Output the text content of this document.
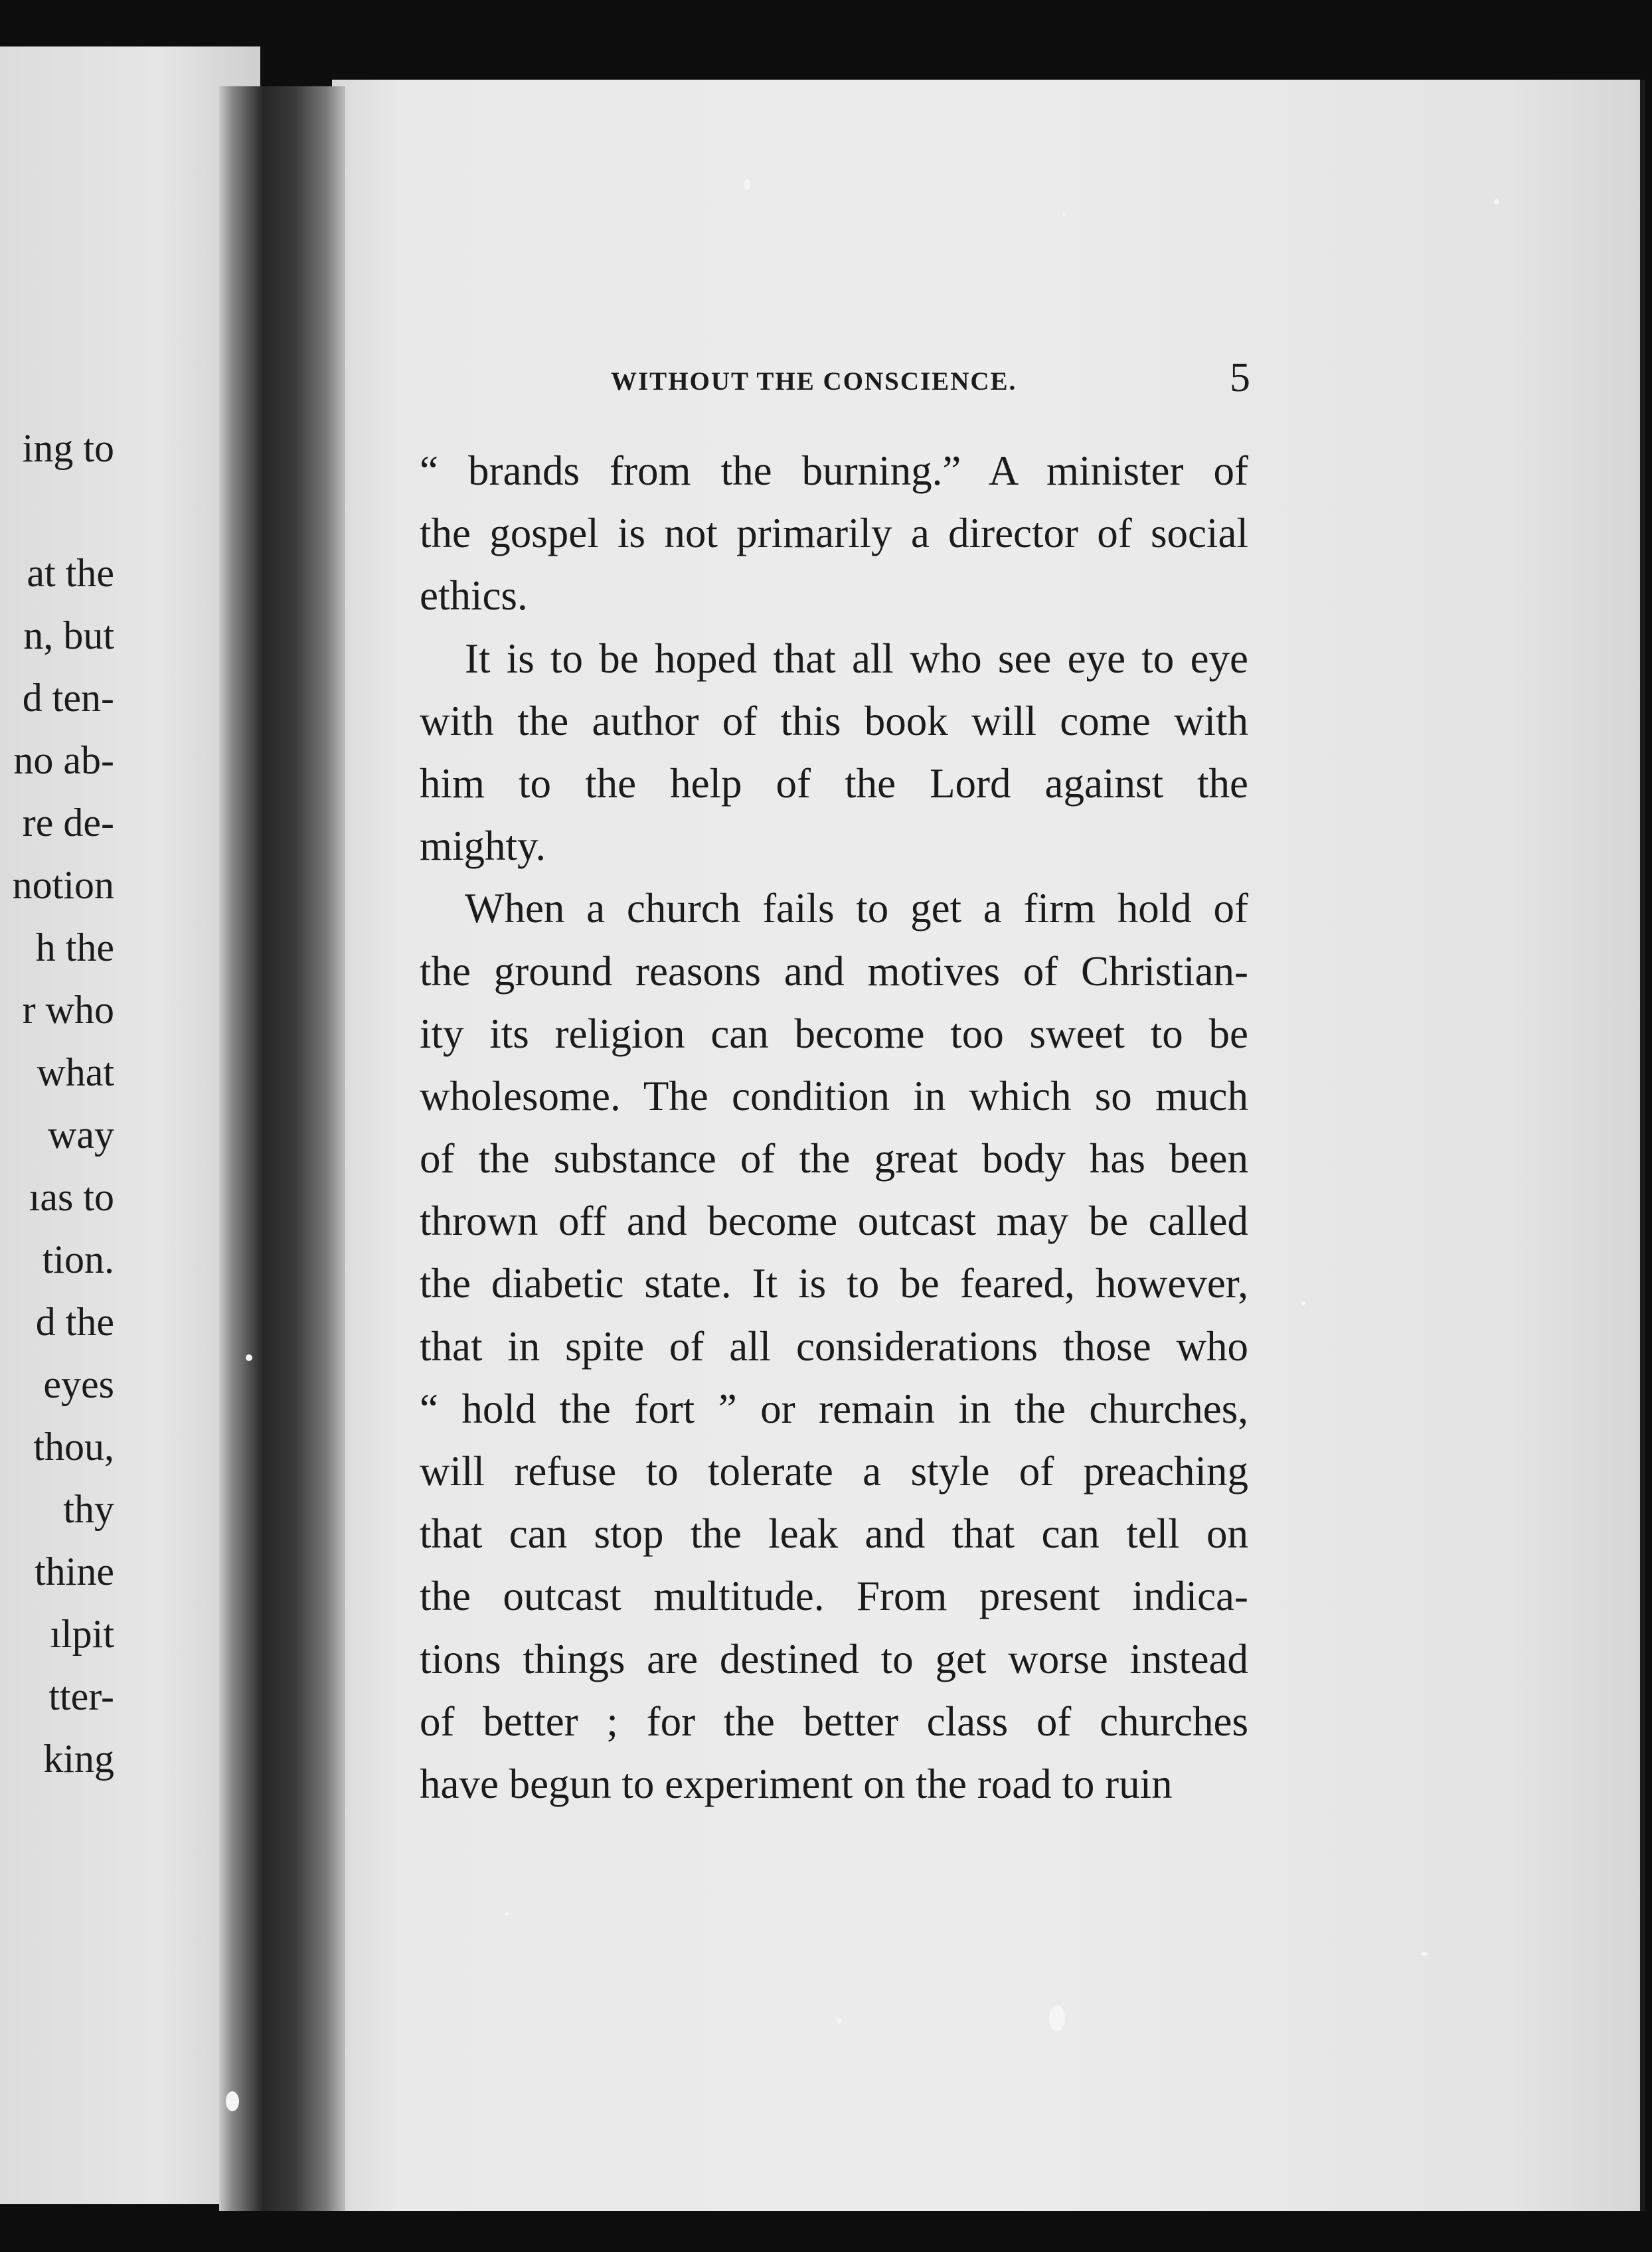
ing to
at the
n, but
d ten-
no ab-
re de-
notion
h the
r who
what
way
ıas to
tion.
d the
eyes
thou,
thy
thine
ılpit
tter-
king
WITHOUT THE CONSCIENCE.	5
“ brands from the burning.” A minister of
the gospel is not primarily a director of social
ethics.
It is to be hoped that all who see eye to eye
with the author of this book will come with
him to the help of the Lord against the
mighty.
When a church fails to get a firm hold of
the ground reasons and motives of Christian-
ity its religion can become too sweet to be
wholesome. The condition in which so much
of the substance of the great body has been
thrown off and become outcast may be called
the diabetic state. It is to be feared, however,
that in spite of all considerations those who
“ hold the fort ” or remain in the churches,
will refuse to tolerate a style of preaching
that can stop the leak and that can tell on
the outcast multitude. From present indica-
tions things are destined to get worse instead
of better ; for the better class of churches
have begun to experiment on the road to ruin
